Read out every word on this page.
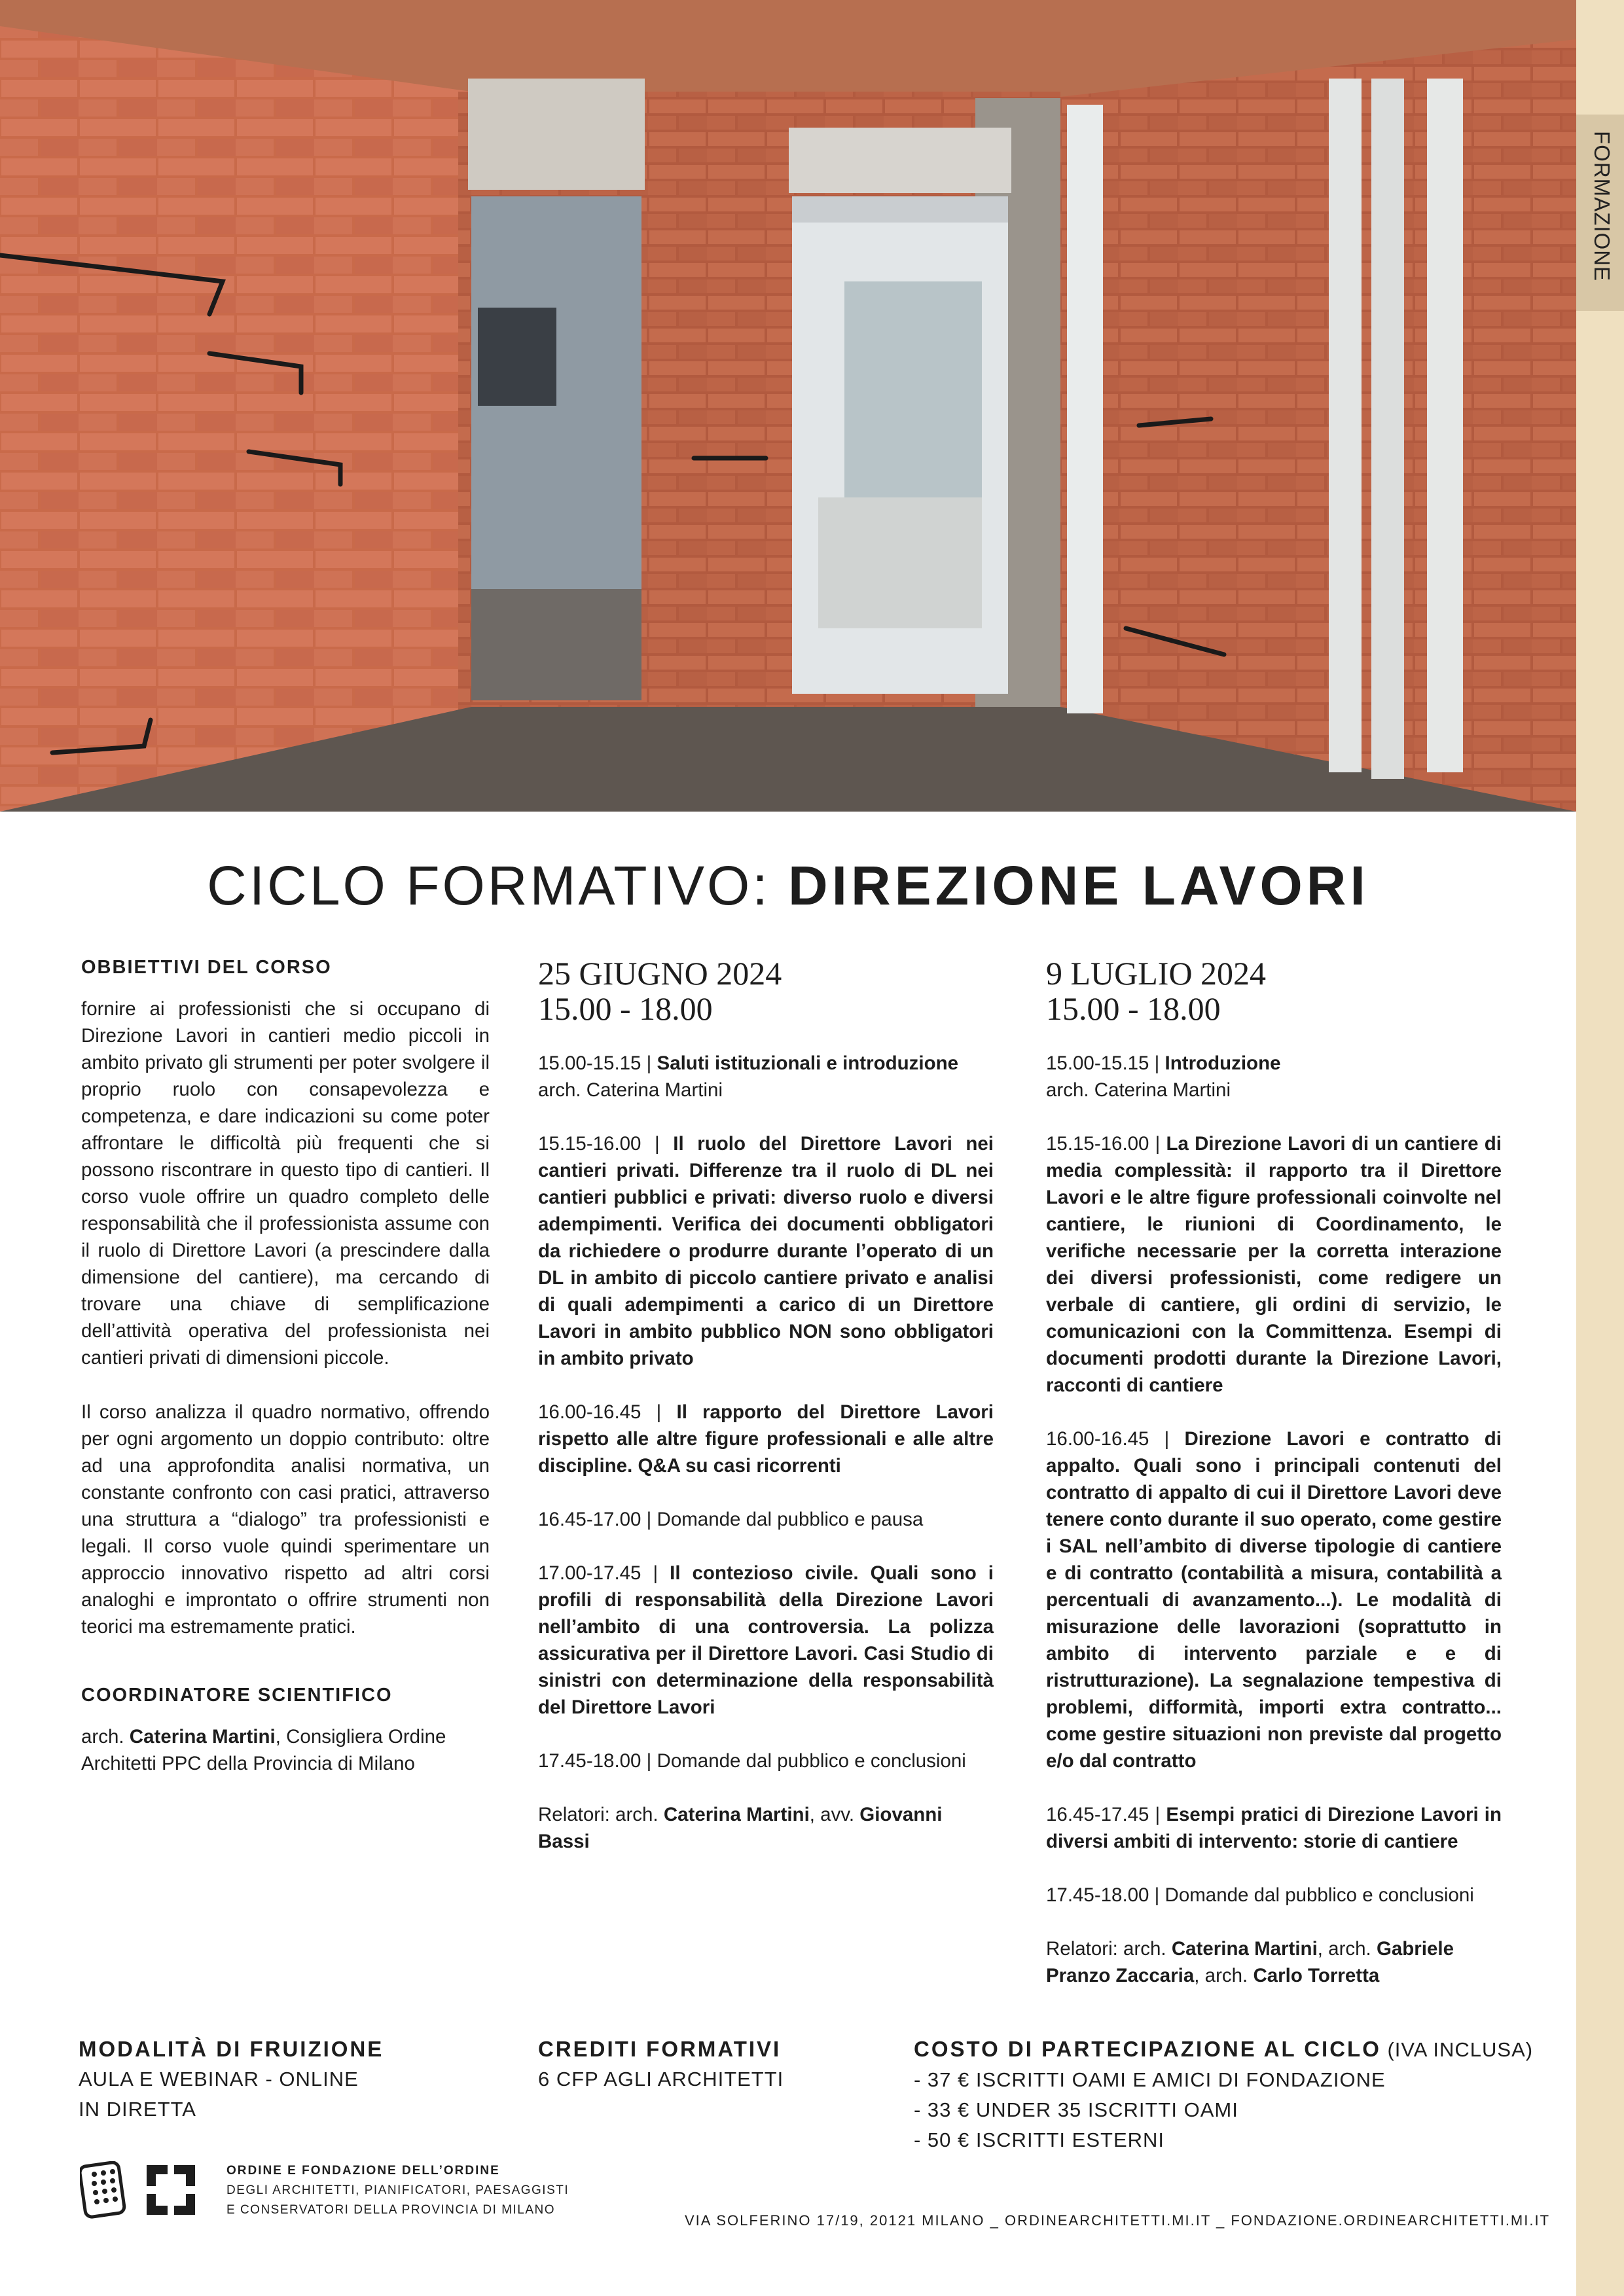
FORMAZIONE
CICLO FORMATIVO: DIREZIONE LAVORI
OBBIETTIVI DEL CORSO

fornire ai professionisti che si occupano di Direzione Lavori in cantieri medio piccoli in ambito privato gli strumenti per poter svolgere il proprio ruolo con consapevolezza e competenza, e dare indicazioni su come poter affrontare le difficoltà più frequenti che si possono riscontrare in questo tipo di cantieri. Il corso vuole offrire un quadro completo delle responsabilità che il professionista assume con il ruolo di Direttore Lavori (a prescindere dalla dimensione del cantiere), ma cercando di trovare una chiave di semplificazione dell’attività operativa del professionista nei cantieri privati di dimensioni piccole.

Il corso analizza il quadro normativo, offrendo per ogni argomento un doppio contributo: oltre ad una approfondita analisi normativa, un constante confronto con casi pratici, attraverso una struttura a “dialogo” tra professionisti e legali. Il corso vuole quindi sperimentare un approccio innovativo rispetto ad altri corsi analoghi e improntato o offrire strumenti non teorici ma estremamente pratici.

COORDINATORE SCIENTIFICO

arch. Caterina Martini, Consigliera Ordine Architetti PPC della Provincia di Milano

25 GIUGNO 2024
15.00 - 18.00
15.00-15.15 | Saluti istituzionali e introduzione
arch. Caterina Martini
15.15-16.00 | Il ruolo del Direttore Lavori nei cantieri privati. Differenze tra il ruolo di DL nei cantieri pubblici e privati: diverso ruolo e diversi adempimenti. Verifica dei documenti obbligatori da richiedere o produrre durante l’operato di un DL in ambito di piccolo cantiere privato e analisi di quali adempimenti a carico di un Direttore Lavori in ambito pubblico NON sono obbligatori in ambito privato
16.00-16.45 | Il rapporto del Direttore Lavori rispetto alle altre figure professionali e alle altre discipline. Q&A su casi ricorrenti
16.45-17.00 | Domande dal pubblico e pausa
17.00-17.45 | Il contezioso civile. Quali sono i profili di responsabilità della Direzione Lavori nell’ambito di una controversia. La polizza assicurativa per il Direttore Lavori. Casi Studio di sinistri con determinazione della responsabilità del Direttore Lavori
17.45-18.00 | Domande dal pubblico e conclusioni
Relatori: arch. Caterina Martini, avv. Giovanni Bassi
9 LUGLIO 2024
15.00 - 18.00
15.00-15.15 | Introduzione
arch. Caterina Martini
15.15-16.00 | La Direzione Lavori di un cantiere di media complessità: il rapporto tra il Direttore Lavori e le altre figure professionali coinvolte nel cantiere, le riunioni di Coordinamento, le verifiche necessarie per la corretta interazione dei diversi professionisti, come redigere un verbale di cantiere, gli ordini di servizio, le comunicazioni con la Committenza. Esempi di documenti prodotti durante la Direzione Lavori, racconti di cantiere
16.00-16.45 | Direzione Lavori e contratto di appalto. Quali sono i principali contenuti del contratto di appalto di cui il Direttore Lavori deve tenere conto durante il suo operato, come gestire i SAL nell’ambito di diverse tipologie di cantiere e di contratto (contabilità a misura, contabilità a percentuali di avanzamento...). Le modalità di misurazione delle lavorazioni (soprattutto in ambito di intervento parziale e e di ristrutturazione). La segnalazione tempestiva di problemi, difformità, importi extra contratto... come gestire situazioni non previste dal progetto e/o dal contratto
16.45-17.45 | Esempi pratici di Direzione Lavori in diversi ambiti di intervento: storie di cantiere
17.45-18.00 | Domande dal pubblico e conclusioni
Relatori: arch. Caterina Martini, arch. Gabriele Pranzo Zaccaria, arch. Carlo Torretta
MODALITÀ DI FRUIZIONE
AULA E WEBINAR - ONLINE
IN DIRETTA
CREDITI FORMATIVI
6 CFP AGLI ARCHITETTI
COSTO DI PARTECIPAZIONE AL CICLO (IVA INCLUSA)
- 37 € ISCRITTI OAMI E AMICI DI FONDAZIONE
- 33 € UNDER 35 ISCRITTI OAMI
- 50 € ISCRITTI ESTERNI
ORDINE E FONDAZIONE DELL’ORDINE
DEGLI ARCHITETTI, PIANIFICATORI, PAESAGGISTI
E CONSERVATORI DELLA PROVINCIA DI MILANO
VIA SOLFERINO 17/19, 20121 MILANO _ ORDINEARCHITETTI.MI.IT _ FONDAZIONE.ORDINEARCHITETTI.MI.IT
